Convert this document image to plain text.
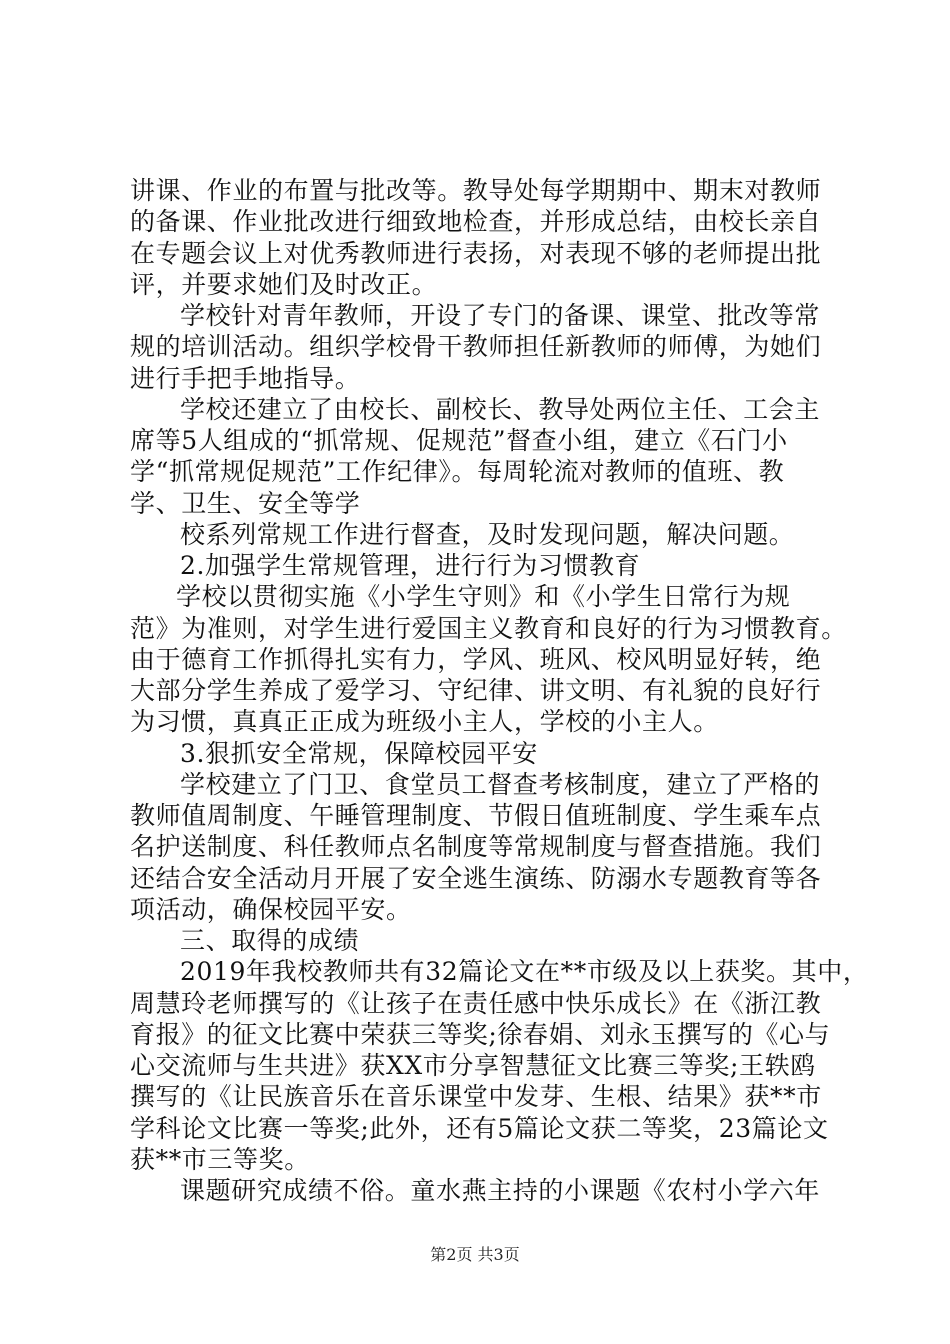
讲课、作业的布置与批改等。教导处每学期期中、期末对教师
的备课、作业批改进行细致地检查，并形成总结，由校长亲自
在专题会议上对优秀教师进行表扬，对表现不够的老师提出批
评，并要求她们及时改正。
学校针对青年教师，开设了专门的备课、课堂、批改等常
规的培训活动。组织学校骨干教师担任新教师的师傅，为她们
进行手把手地指导。
学校还建立了由校长、副校长、教导处两位主任、工会主
席等5人组成的“抓常规、促规范”督查小组，建立《石门小
学“抓常规促规范”工作纪律》。每周轮流对教师的值班、教
学、卫生、安全等学
校系列常规工作进行督查，及时发现问题，解决问题。
2.加强学生常规管理，进行行为习惯教育
学校以贯彻实施《小学生守则》和《小学生日常行为规
范》为准则，对学生进行爱国主义教育和良好的行为习惯教育。
由于德育工作抓得扎实有力，学风、班风、校风明显好转，绝
大部分学生养成了爱学习、守纪律、讲文明、有礼貌的良好行
为习惯，真真正正成为班级小主人，学校的小主人。
3.狠抓安全常规，保障校园平安
学校建立了门卫、食堂员工督查考核制度，建立了严格的
教师值周制度、午睡管理制度、节假日值班制度、学生乘车点
名护送制度、科任教师点名制度等常规制度与督查措施。我们
还结合安全活动月开展了安全逃生演练、防溺水专题教育等各
项活动，确保校园平安。
三、取得的成绩
2019年我校教师共有32篇论文在**市级及以上获奖。其中，
周慧玲老师撰写的《让孩子在责任感中快乐成长》在《浙江教
育报》的征文比赛中荣获三等奖;徐春娟、刘永玉撰写的《心与
心交流师与生共进》获XX市分享智慧征文比赛三等奖;王轶鸥
撰写的《让民族音乐在音乐课堂中发芽、生根、结果》获**市
学科论文比赛一等奖;此外，还有5篇论文获二等奖，23篇论文
获**市三等奖。
课题研究成绩不俗。童水燕主持的小课题《农村小学六年
第2页 共3页
